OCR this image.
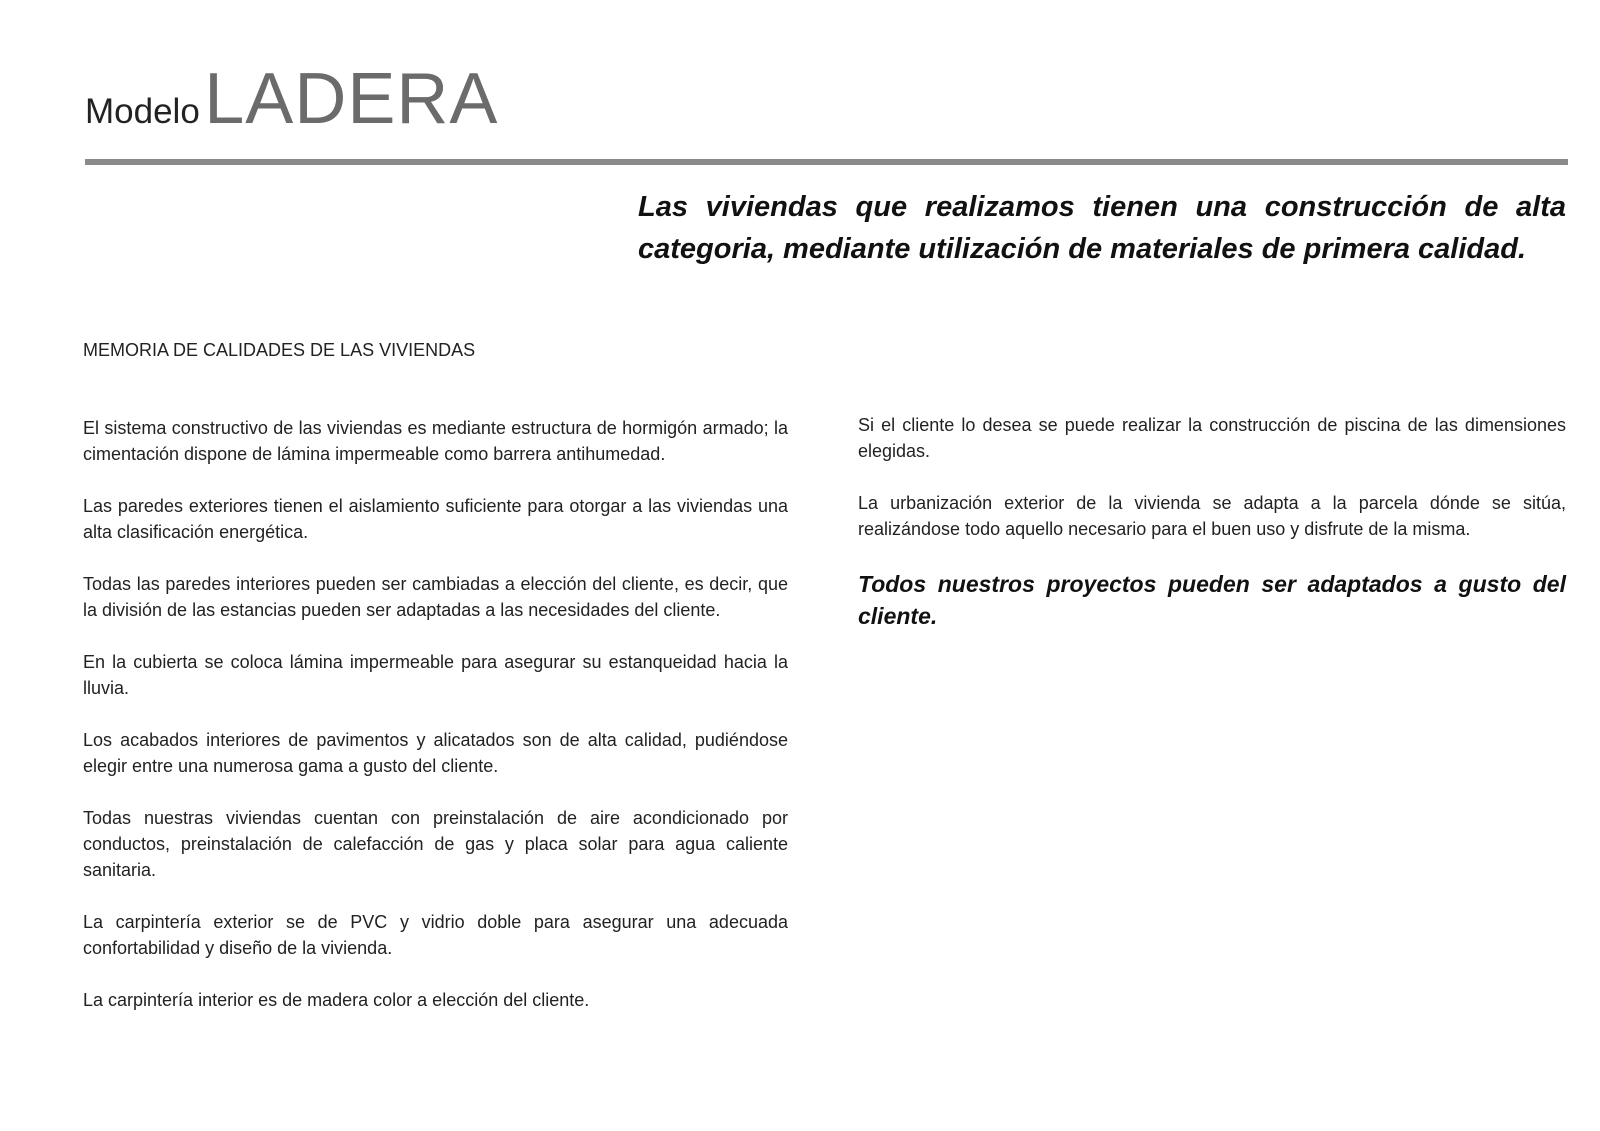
Modelo LADERA
Las viviendas que realizamos tienen una construcción de alta categoria, mediante utilización de materiales de primera calidad.
MEMORIA DE CALIDADES DE LAS VIVIENDAS

El sistema constructivo de las viviendas es mediante estructura de hormigón armado; la cimentación dispone de lámina impermeable como barrera antihumedad.

Las paredes exteriores tienen el aislamiento suficiente para otorgar a las viviendas una alta clasificación energética.

Todas las paredes interiores pueden ser cambiadas a elección del cliente, es decir, que la división de las estancias pueden ser adaptadas a las necesidades del cliente.

En la cubierta se coloca lámina impermeable para asegurar su estanqueidad hacia la lluvia.

Los acabados interiores de pavimentos y alicatados son de alta calidad, pudiéndose elegir entre una numerosa gama a gusto del cliente.

Todas nuestras viviendas cuentan con preinstalación de aire acondicionado por conductos, preinstalación de calefacción de gas y placa solar para agua caliente sanitaria.

La carpintería exterior se de PVC y vidrio doble para asegurar una adecuada confortabilidad y diseño de la vivienda.

La carpintería interior es de madera color a elección del cliente.

Si el cliente lo desea se puede realizar la construcción de piscina de las dimensiones elegidas.

La urbanización exterior de la vivienda se adapta a la parcela dónde se sitúa, realizándose todo aquello necesario para el buen uso y disfrute de la misma.

Todos nuestros proyectos pueden ser adaptados a gusto del cliente.
